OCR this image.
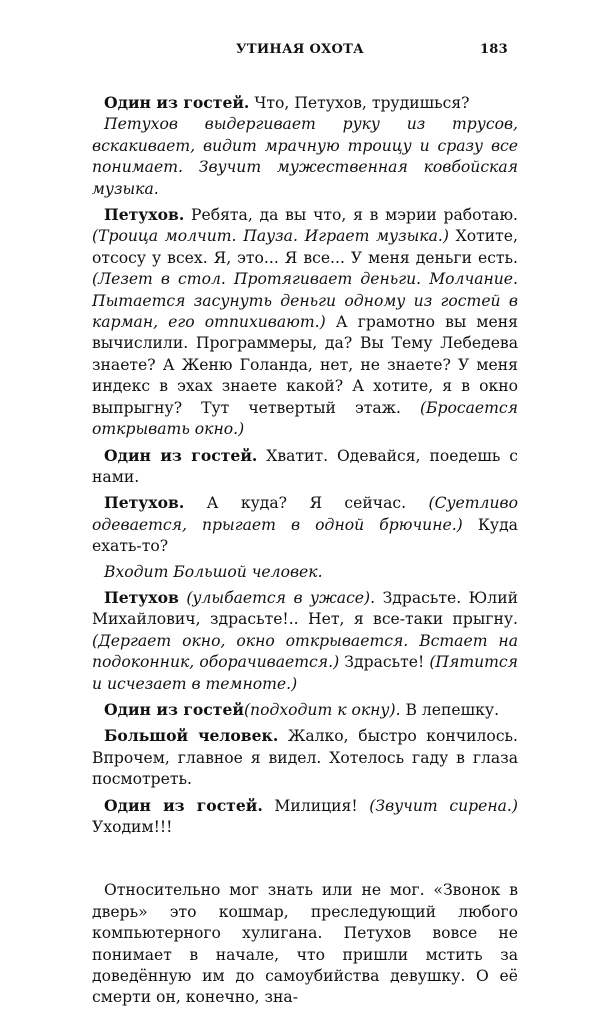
УТИНАЯ ОХОТА	183

Один из гостей. Что, Петухов, трудишься?

Петухов выдергивает руку из трусов, вскакивает, видит мрачную троицу и сразу все понимает. Звучит мужественная ковбойская музыка.

Петухов. Ребята, да вы что, я в мэрии работаю. (Троица молчит. Пауза. Играет музыка.) Хотите, отсосу у всех. Я, это... Я все... У меня деньги есть. (Лезет в стол. Протягивает деньги. Молчание. Пытается засунуть деньги одному из гостей в карман, его отпихивают.) А грамотно вы меня вычислили. Программеры, да? Вы Тему Лебедева знаете? А Женю Голанда, нет, не знаете? У меня индекс в эхах знаете какой? А хотите, я в окно выпрыгну? Тут четвертый этаж. (Бросается открывать окно.)

Один из гостей. Хватит. Одевайся, поедешь с нами.

Петухов. А куда? Я сейчас. (Суетливо одевается, прыгает в одной брючине.) Куда ехать-то?

Входит Большой человек.

Петухов (улыбается в ужасе). Здрасьте. Юлий Михайлович, здрасьте!.. Нет, я все-таки прыгну. (Дергает окно, окно открывается. Встает на подоконник, оборачивается.) Здрасьте! (Пятится и исчезает в темноте.)

Один из гостей(подходит к окну). В лепешку.

Большой человек. Жалко, быстро кончилось. Впрочем, главное я видел. Хотелось гаду в глаза посмотреть.

Один из гостей. Милиция! (Звучит сирена.) Уходим!!!

Относительно мог знать или не мог. «Звонок в дверь» это кошмар, преследующий любого компьютерного хулигана. Петухов вовсе не понимает в начале, что пришли мстить за доведённую им до самоубийства девушку. О её смерти он, конечно, зна-
